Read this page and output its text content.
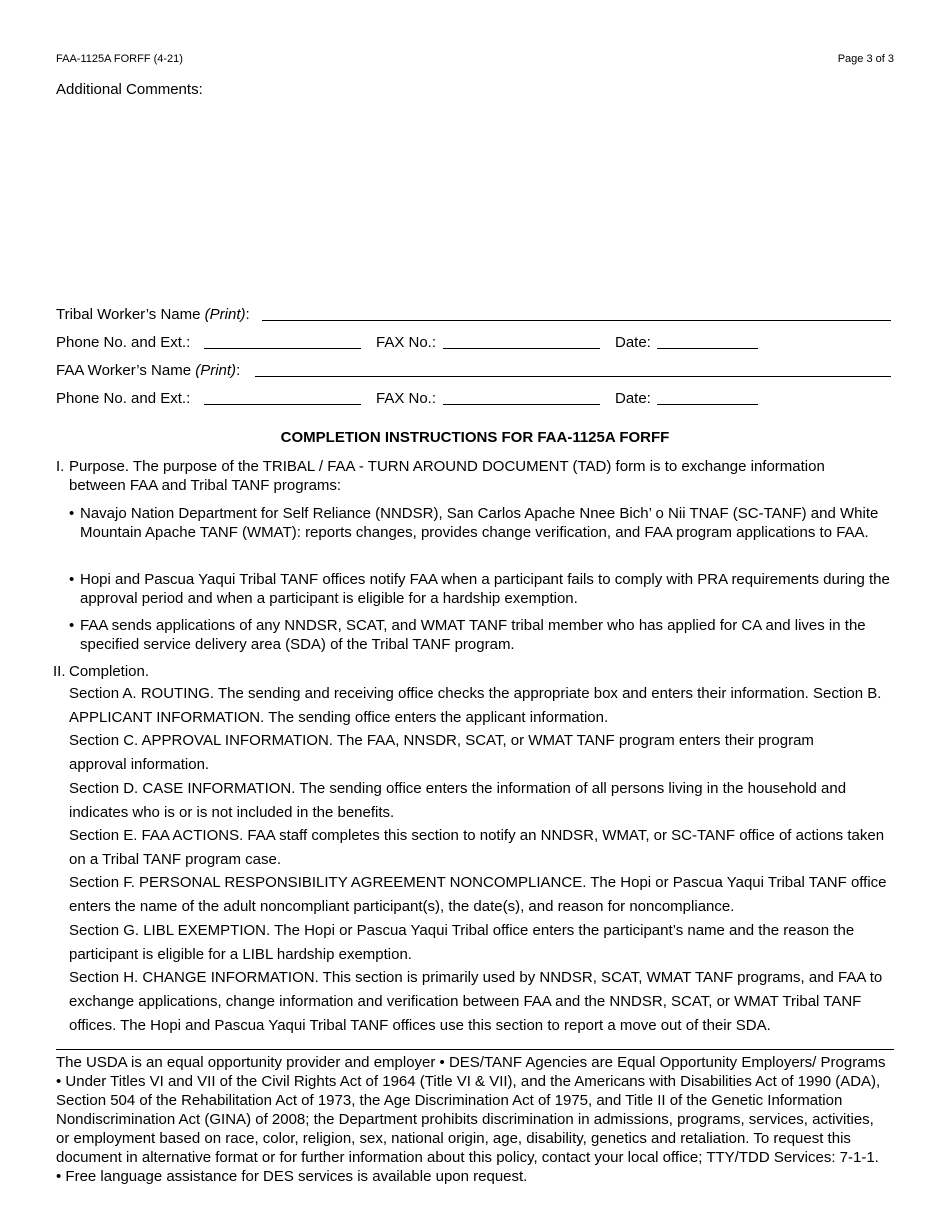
FAA-1125A FORFF (4-21)	Page 3 of 3
Additional Comments:
Tribal Worker’s Name (Print):
Phone No. and Ext.:	FAX No.:	Date:
FAA Worker’s Name (Print):
Phone No. and Ext.:	FAX No.:	Date:
COMPLETION INSTRUCTIONS FOR FAA-1125A FORFF
I. Purpose. The purpose of the TRIBAL / FAA - TURN AROUND DOCUMENT (TAD) form is to exchange information between FAA and Tribal TANF programs:
• Navajo Nation Department for Self Reliance (NNDSR), San Carlos Apache Nnee Bich’ o Nii TNAF (SC-TANF) and White Mountain Apache TANF (WMAT): reports changes, provides change verification, and FAA program applications to FAA.
• Hopi and Pascua Yaqui Tribal TANF offices notify FAA when a participant fails to comply with PRA requirements during the approval period and when a participant is eligible for a hardship exemption.
• FAA sends applications of any NNDSR, SCAT, and WMAT TANF tribal member who has applied for CA and lives in the specified service delivery area (SDA) of the Tribal TANF program.
II. Completion.
Section A. ROUTING. The sending and receiving office checks the appropriate box and enters their information. Section B. APPLICANT INFORMATION. The sending office enters the applicant information.
Section C. APPROVAL INFORMATION. The FAA, NNSDR, SCAT, or WMAT TANF program enters their program approval information.
Section D. CASE INFORMATION. The sending office enters the information of all persons living in the household and indicates who is or is not included in the benefits.
Section E. FAA ACTIONS. FAA staff completes this section to notify an NNDSR, WMAT, or SC-TANF office of actions taken on a Tribal TANF program case.
Section F. PERSONAL RESPONSIBILITY AGREEMENT NONCOMPLIANCE. The Hopi or Pascua Yaqui Tribal TANF office enters the name of the adult noncompliant participant(s), the date(s), and reason for noncompliance.
Section G. LIBL EXEMPTION. The Hopi or Pascua Yaqui Tribal office enters the participant’s name and the reason the participant is eligible for a LIBL hardship exemption.
Section H. CHANGE INFORMATION. This section is primarily used by NNDSR, SCAT, WMAT TANF programs, and FAA to exchange applications, change information and verification between FAA and the NNDSR, SCAT, or WMAT Tribal TANF offices. The Hopi and Pascua Yaqui Tribal TANF offices use this section to report a move out of their SDA.
The USDA is an equal opportunity provider and employer • DES/TANF Agencies are Equal Opportunity Employers/ Programs • Under Titles VI and VII of the Civil Rights Act of 1964 (Title VI & VII), and the Americans with Disabilities Act of 1990 (ADA), Section 504 of the Rehabilitation Act of 1973, the Age Discrimination Act of 1975, and Title II of the Genetic Information Nondiscrimination Act (GINA) of 2008; the Department prohibits discrimination in admissions, programs, services, activities, or employment based on race, color, religion, sex, national origin, age, disability, genetics and retaliation. To request this document in alternative format or for further information about this policy, contact your local office; TTY/TDD Services: 7-1-1. • Free language assistance for DES services is available upon request.
